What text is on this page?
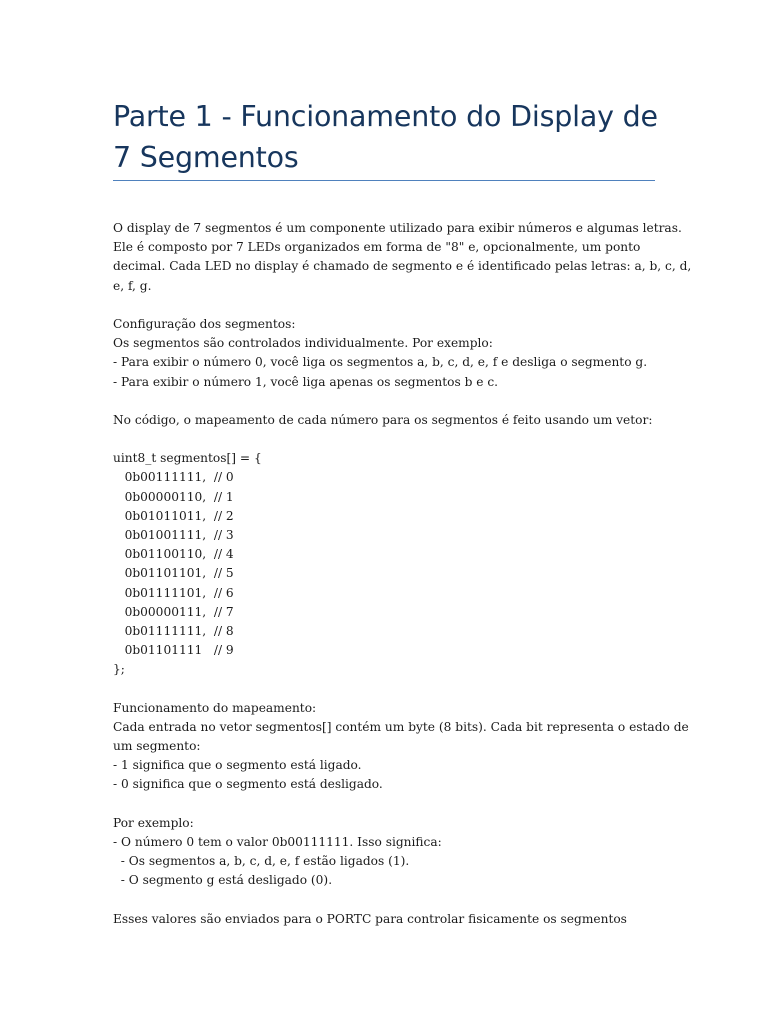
Parte 1 - Funcionamento do Display de
7 Segmentos
O display de 7 segmentos é um componente utilizado para exibir números e algumas letras.
Ele é composto por 7 LEDs organizados em forma de "8" e, opcionalmente, um ponto
decimal. Cada LED no display é chamado de segmento e é identificado pelas letras: a, b, c, d,
e, f, g.
Configuração dos segmentos:
Os segmentos são controlados individualmente. Por exemplo:
- Para exibir o número 0, você liga os segmentos a, b, c, d, e, f e desliga o segmento g.
- Para exibir o número 1, você liga apenas os segmentos b e c.
No código, o mapeamento de cada número para os segmentos é feito usando um vetor:
uint8_t segmentos[] = {
0b00111111,  // 0
0b00000110,  // 1
0b01011011,  // 2
0b01001111,  // 3
0b01100110,  // 4
0b01101101,  // 5
0b01111101,  // 6
0b00000111,  // 7
0b01111111,  // 8
0b01101111   // 9
};
Funcionamento do mapeamento:
Cada entrada no vetor segmentos[] contém um byte (8 bits). Cada bit representa o estado de
um segmento:
- 1 significa que o segmento está ligado.
- 0 significa que o segmento está desligado.
Por exemplo:
- O número 0 tem o valor 0b00111111. Isso significa:
- Os segmentos a, b, c, d, e, f estão ligados (1).
- O segmento g está desligado (0).
Esses valores são enviados para o PORTC para controlar fisicamente os segmentos
